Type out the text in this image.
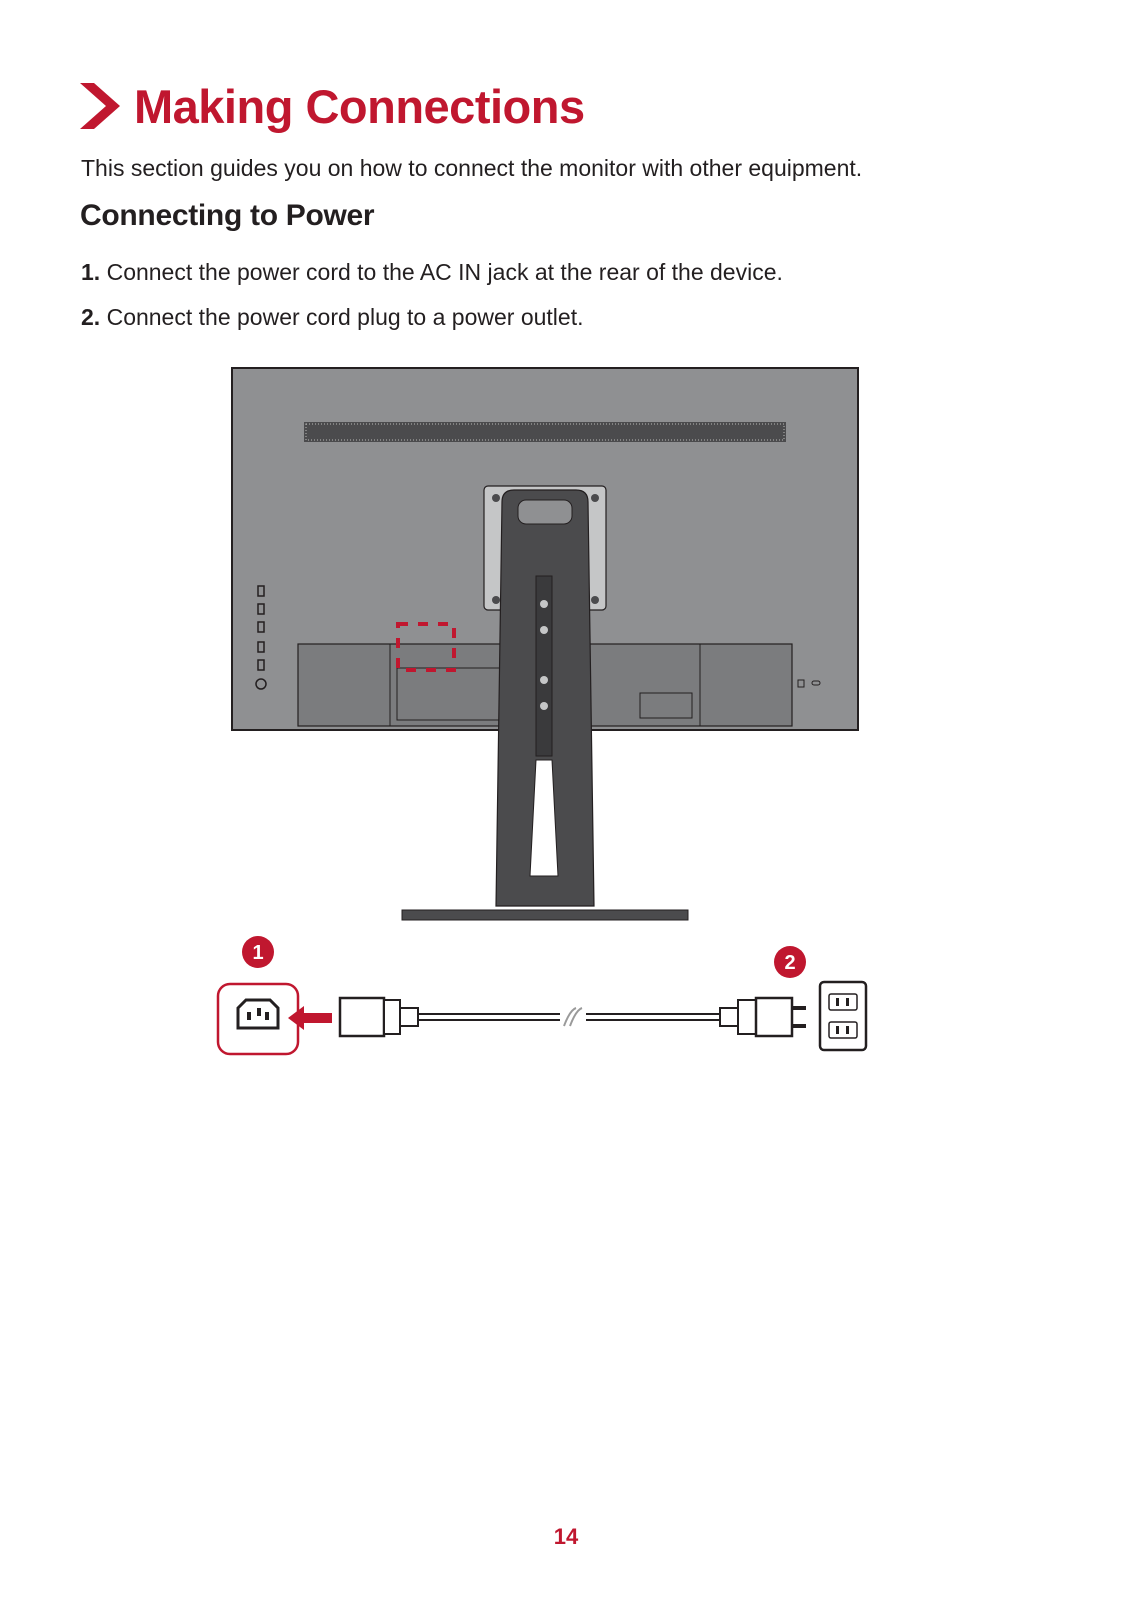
Making Connections
This section guides you on how to connect the monitor with other equipment.
Connecting to Power
1. Connect the power cord to the AC IN jack at the rear of the device.
2. Connect the power cord plug to a power outlet.
1	2
14
